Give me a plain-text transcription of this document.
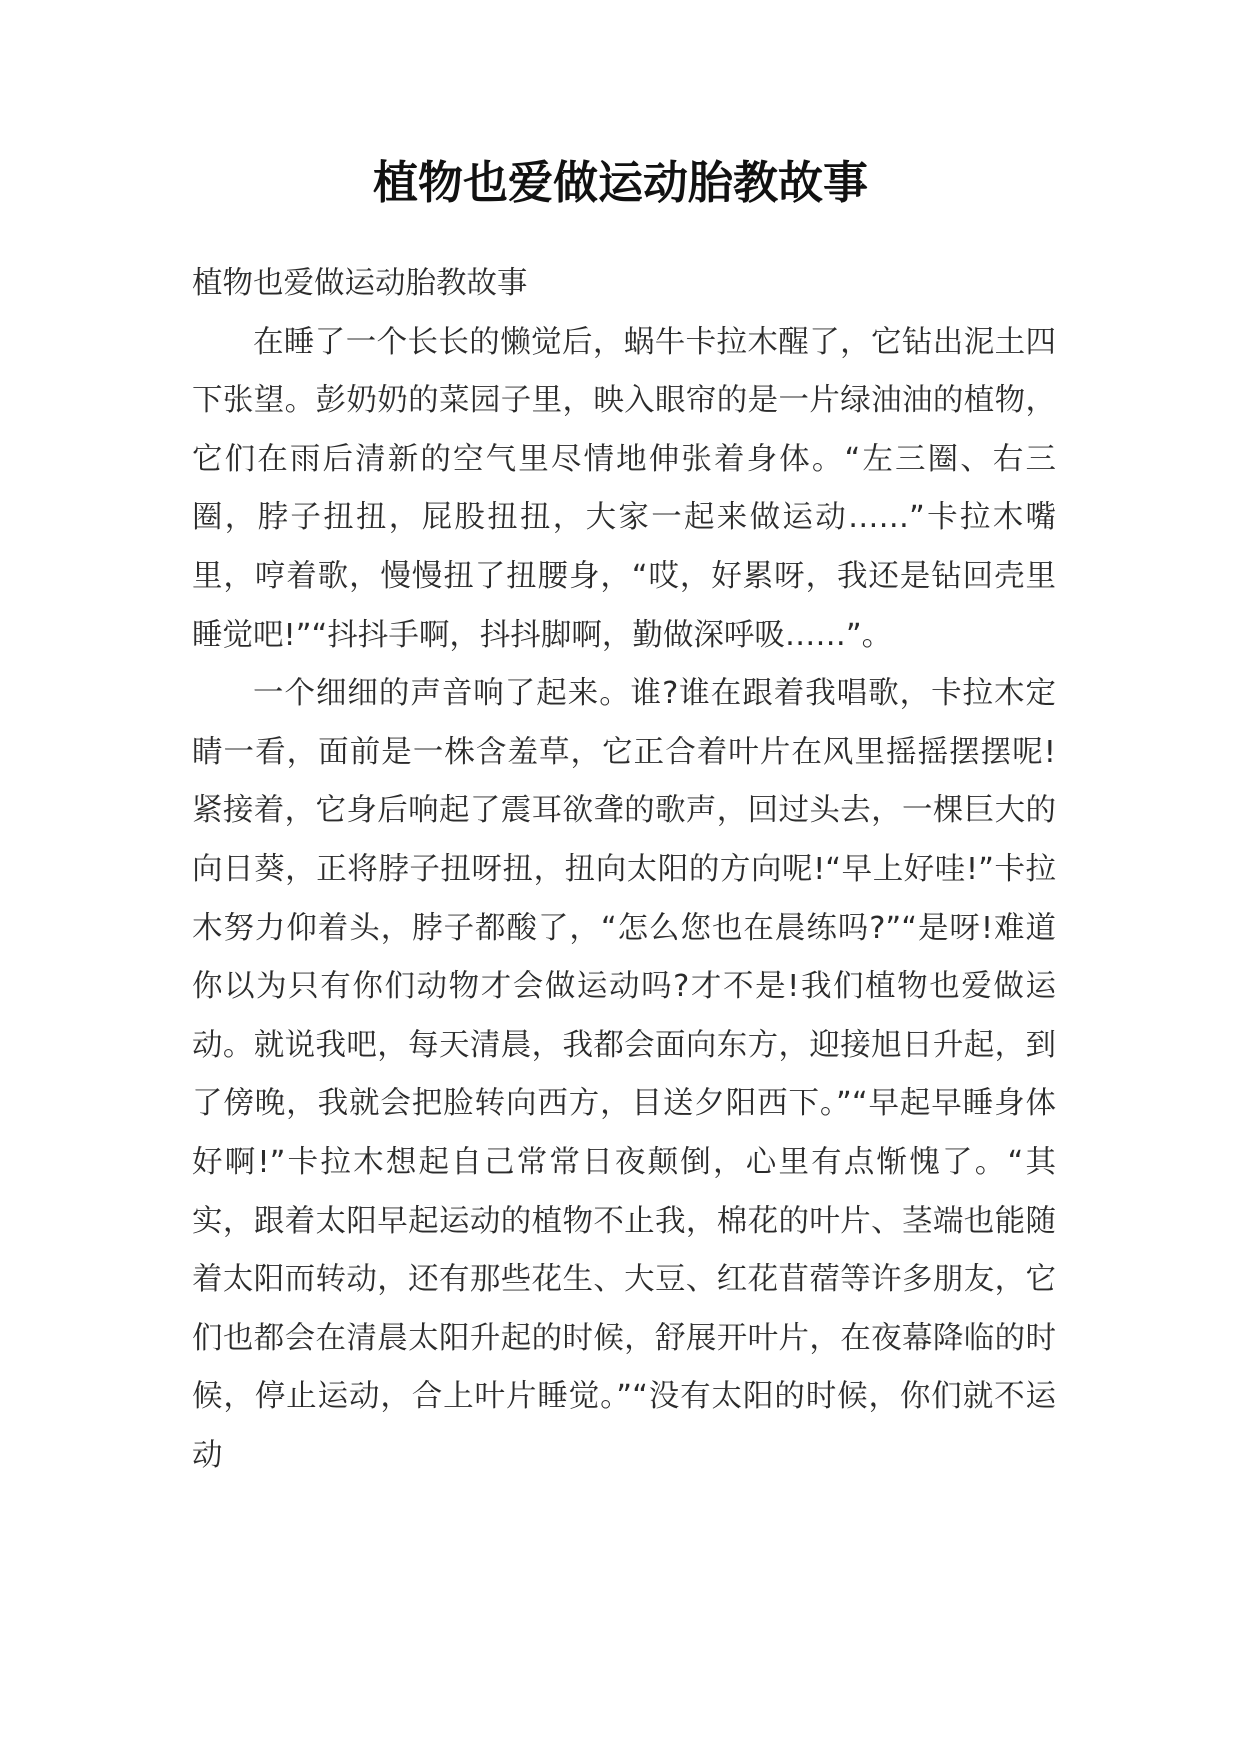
植物也爱做运动胎教故事

植物也爱做运动胎教故事

在睡了一个长长的懒觉后，蜗牛卡拉木醒了，它钻出泥土四下张望。彭奶奶的菜园子里，映入眼帘的是一片绿油油的植物，它们在雨后清新的空气里尽情地伸张着身体。“左三圈、右三圈，脖子扭扭，屁股扭扭，大家一起来做运动……”卡拉木嘴里，哼着歌，慢慢扭了扭腰身，“哎，好累呀，我还是钻回壳里睡觉吧!”“抖抖手啊，抖抖脚啊，勤做深呼吸……”。

一个细细的声音响了起来。谁?谁在跟着我唱歌，卡拉木定睛一看，面前是一株含羞草，它正合着叶片在风里摇摇摆摆呢!紧接着，它身后响起了震耳欲聋的歌声，回过头去，一棵巨大的向日葵，正将脖子扭呀扭，扭向太阳的方向呢!“早上好哇!”卡拉木努力仰着头，脖子都酸了，“怎么您也在晨练吗?”“是呀!难道你以为只有你们动物才会做运动吗?才不是!我们植物也爱做运动。就说我吧，每天清晨，我都会面向东方，迎接旭日升起，到了傍晚，我就会把脸转向西方，目送夕阳西下。”“早起早睡身体好啊!”卡拉木想起自己常常日夜颠倒，心里有点惭愧了。“其实，跟着太阳早起运动的植物不止我，棉花的叶片、茎端也能随着太阳而转动，还有那些花生、大豆、红花苜蓿等许多朋友，它们也都会在清晨太阳升起的时候，舒展开叶片，在夜幕降临的时候，停止运动，合上叶片睡觉。”“没有太阳的时候，你们就不运动
